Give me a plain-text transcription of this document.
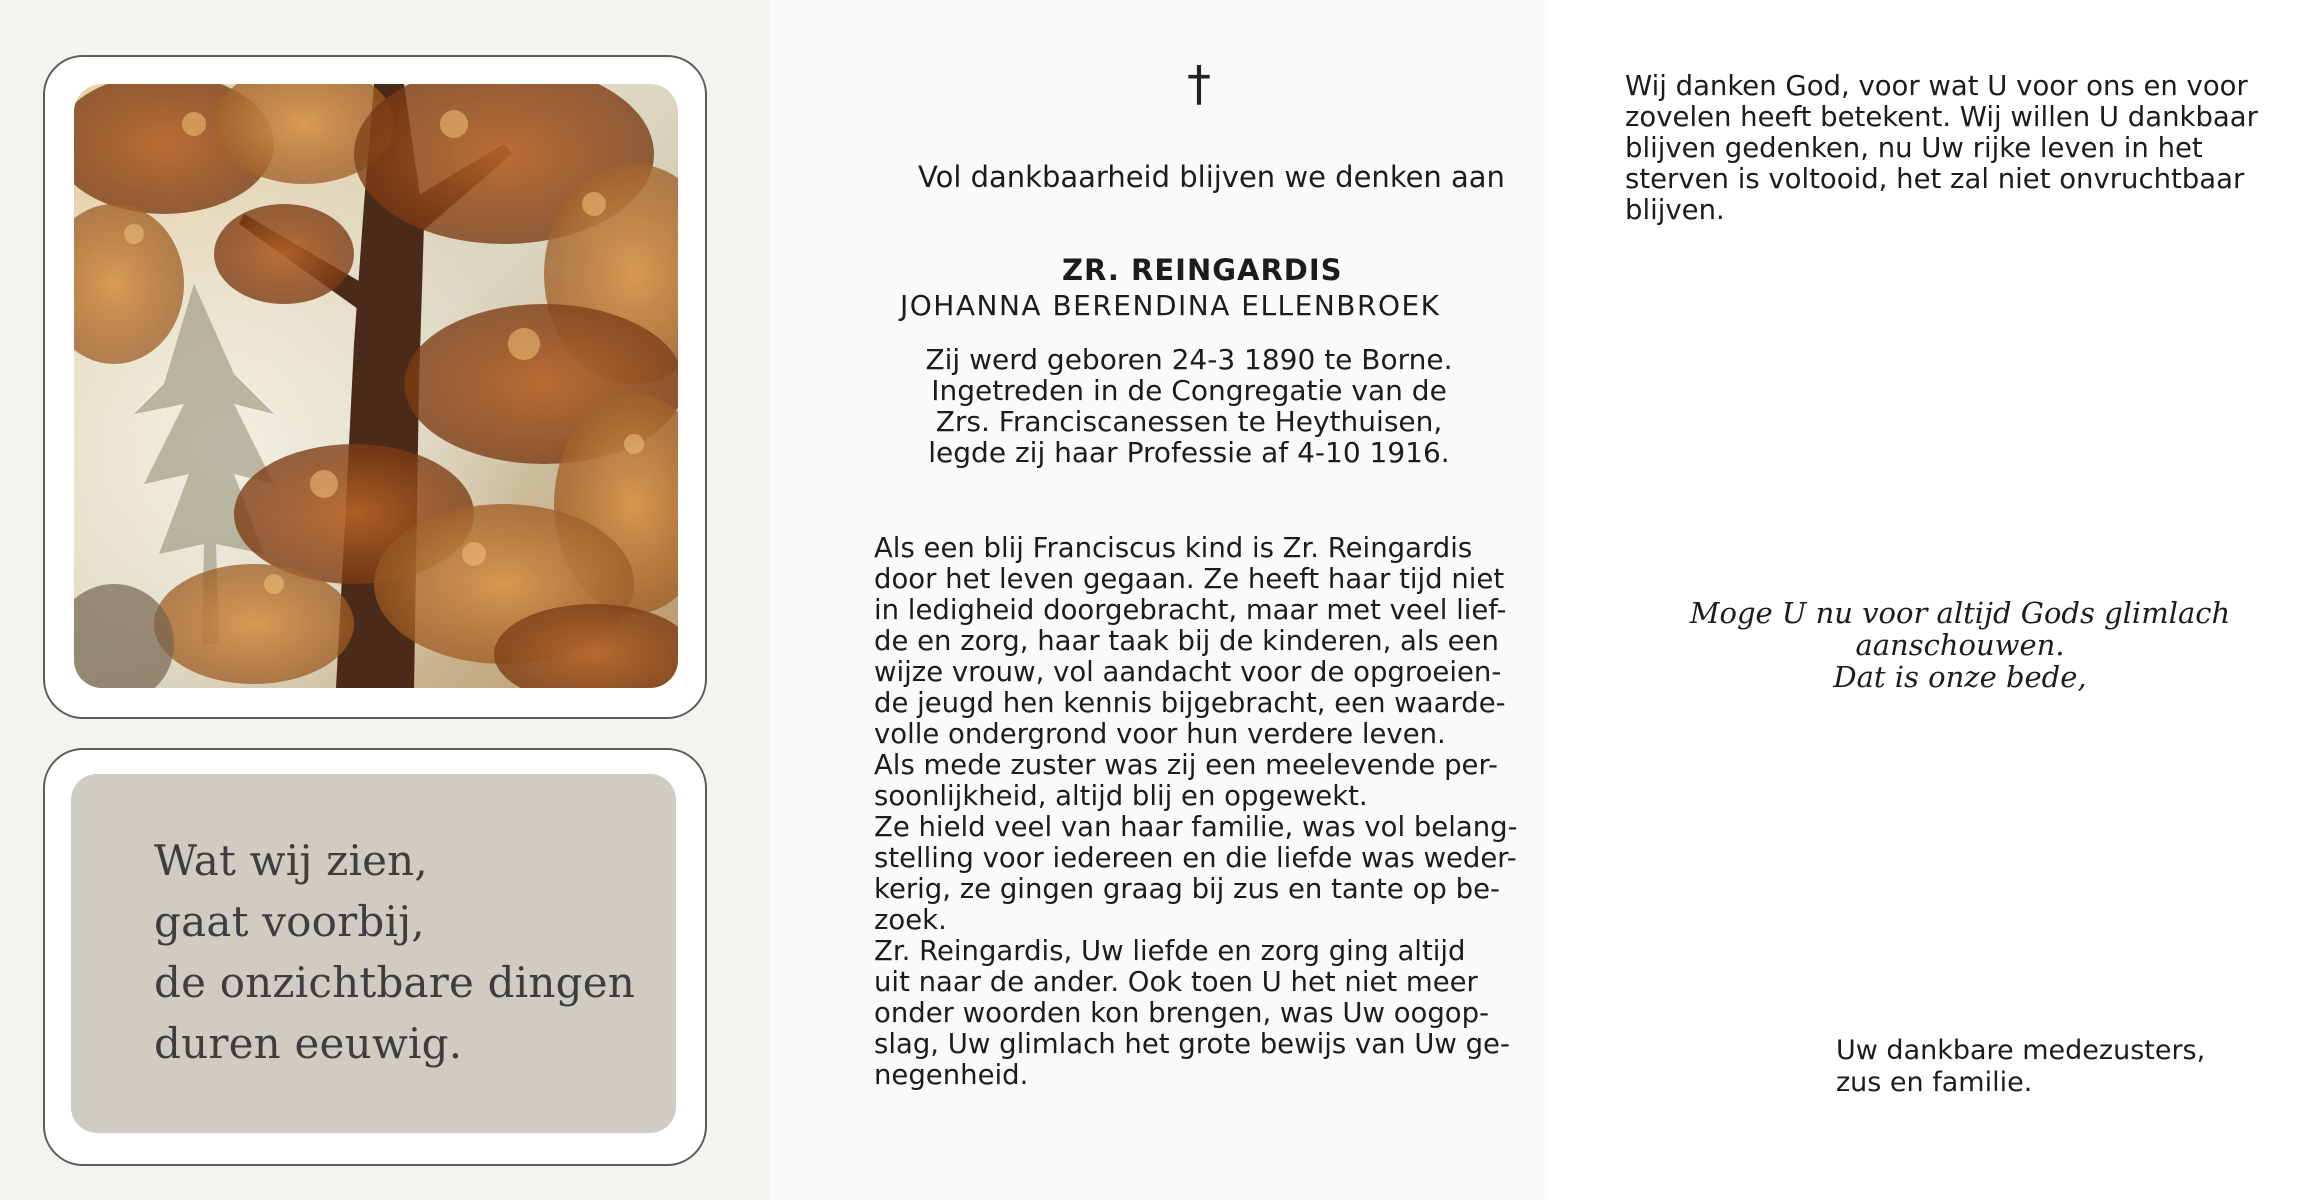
Wat wij zien,
gaat voorbij,
de onzichtbare dingen
duren eeuwig.
†
Vol dankbaarheid blijven we denken aan
ZR. REINGARDIS
JOHANNA BERENDINA ELLENBROEK
Zij werd geboren 24-3 1890 te Borne.
Ingetreden in de Congregatie van de
Zrs. Franciscanessen te Heythuisen,
legde zij haar Professie af 4-10 1916.
Als een blij Franciscus kind is Zr. Reingardis
door het leven gegaan. Ze heeft haar tijd niet
in ledigheid doorgebracht, maar met veel lief-
de en zorg, haar taak bij de kinderen, als een
wijze vrouw, vol aandacht voor de opgroeien-
de jeugd hen kennis bijgebracht, een waarde-
volle ondergrond voor hun verdere leven.
Als mede zuster was zij een meelevende per-
soonlijkheid, altijd blij en opgewekt.
Ze hield veel van haar familie, was vol belang-
stelling voor iedereen en die liefde was weder-
kerig, ze gingen graag bij zus en tante op be-
zoek.
Zr. Reingardis, Uw liefde en zorg ging altijd
uit naar de ander. Ook toen U het niet meer
onder woorden kon brengen, was Uw oogop-
slag, Uw glimlach het grote bewijs van Uw ge-
negenheid.
Wij danken God, voor wat U voor ons en voor
zovelen heeft betekent. Wij willen U dankbaar
blijven gedenken, nu Uw rijke leven in het
sterven is voltooid, het zal niet onvruchtbaar
blijven.
Moge U nu voor altijd Gods glimlach
aanschouwen.
Dat is onze bede,
Uw dankbare medezusters,
zus en familie.
